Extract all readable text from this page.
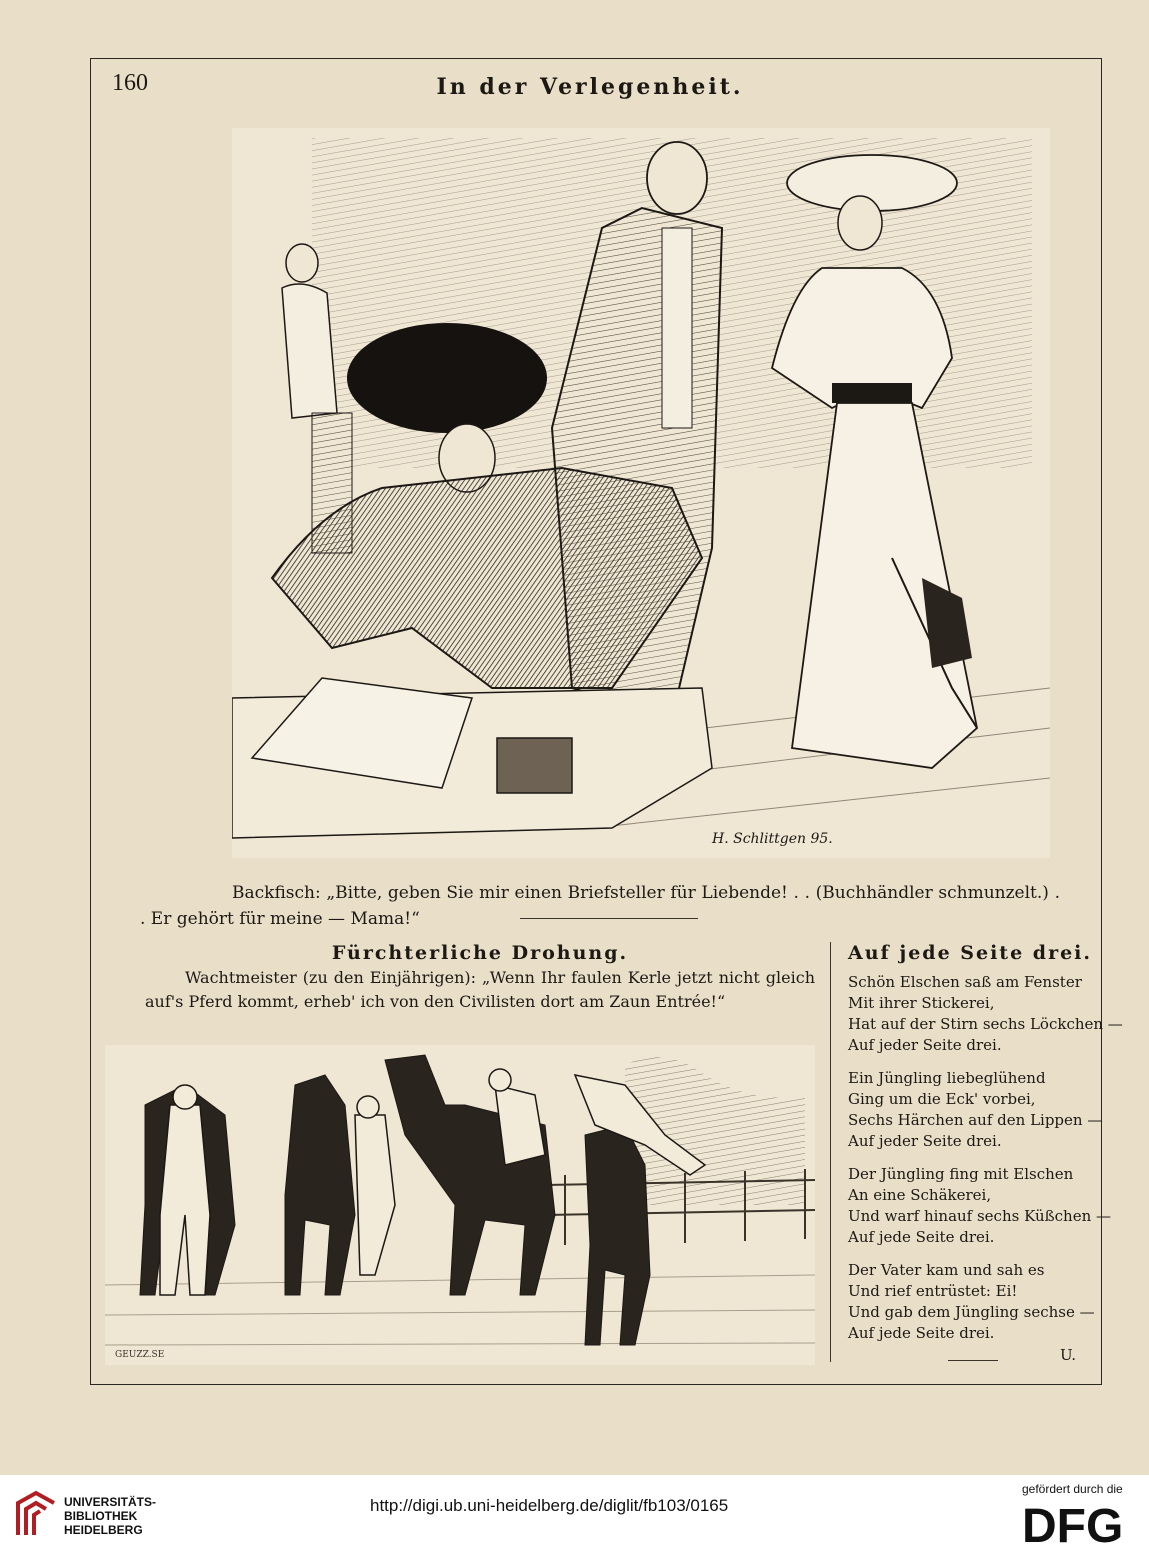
160	In der Verlegenheit.
H. Schlittgen 95.
Backfisch: „Bitte, geben Sie mir einen Briefsteller für Liebende! . . (Buchhändler schmunzelt.) . . Er gehört für meine — Mama!“
Fürchterliche Drohung.
Wachtmeister (zu den Einjährigen): „Wenn Ihr faulen Kerle jetzt nicht gleich auf's Pferd kommt, erheb' ich von den Civilisten dort am Zaun Entrée!“
GEUZZ.SE
Auf jede Seite drei.
Schön Elschen saß am Fenster
Mit ihrer Stickerei,
Hat auf der Stirn sechs Löckchen —
Auf jeder Seite drei.
Ein Jüngling liebeglühend
Ging um die Eck' vorbei,
Sechs Härchen auf den Lippen —
Auf jeder Seite drei.
Der Jüngling fing mit Elschen
An eine Schäkerei,
Und warf hinauf sechs Küßchen —
Auf jede Seite drei.
Der Vater kam und sah es
Und rief entrüstet: Ei!
Und gab dem Jüngling sechse —
Auf jede Seite drei.
U.
UNIVERSITÄTS- BIBLIOTHEK HEIDELBERG
http://digi.ub.uni-heidelberg.de/diglit/fb103/0165
gefördert durch die
DFG
